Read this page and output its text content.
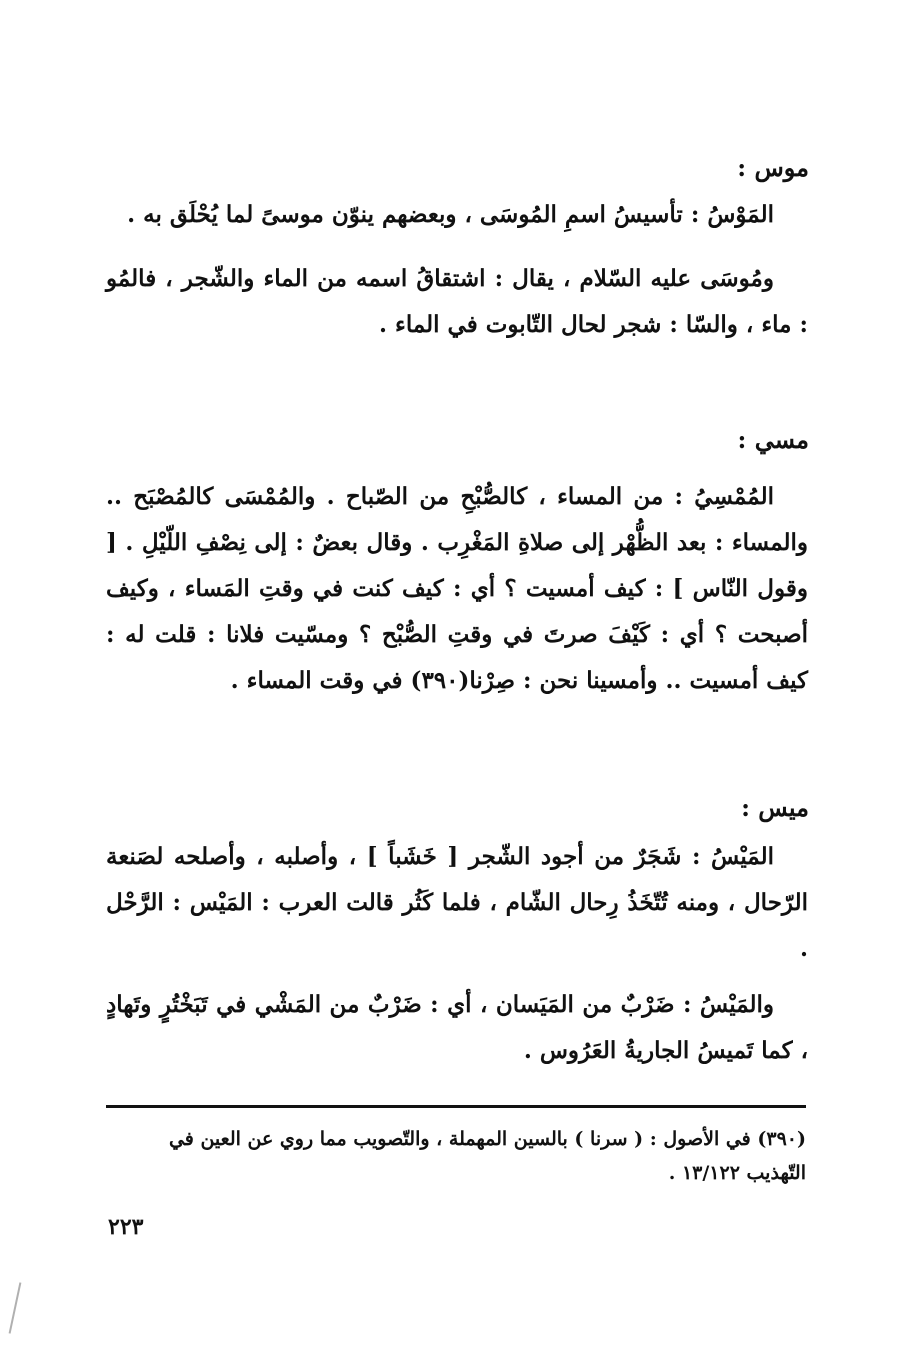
موس :

المَوْسُ : تأسيسُ اسمِ المُوسَى ، وبعضهم ينوّن موسىً لما يُحْلَق به .

ومُوسَى عليه السّلام ، يقال : اشتقاقُ اسمه من الماء والشّجر ، فالمُو : ماء ، والسّا : شجر لحال التّابوت في الماء .

مسي :

المُمْسِيُ : من المساء ، كالصُّبْحِ من الصّباح . والمُمْسَى كالمُصْبَح .. والمساء : بعد الظُّهْر إلى صلاةِ المَغْرِب . وقال بعضٌ : إلى نِصْفِ اللّيْلِ . [ وقول النّاس ] : كيف أمسيت ؟ أي : كيف كنت في وقتِ المَساء ، وكيف أصبحت ؟ أي : كَيْفَ صرتَ في وقتِ الصُّبْح ؟ ومسّيت فلانا : قلت له : كيف أمسيت .. وأمسينا نحن : صِرْنا(٣٩٠) في وقت المساء .

ميس :

المَيْسُ : شَجَرٌ من أجود الشّجر [ خَشَباً ] ، وأصلبه ، وأصلحه لصَنعة الرّحال ، ومنه تُتّخَذُ رِحال الشّام ، فلما كَثُر قالت العرب : المَيْس : الرَّحْل .

والمَيْسُ : ضَرْبٌ من المَيَسان ، أي : ضَرْبٌ من المَشْي في تَبَخْتُرٍ وتَهادٍ ، كما تَميسُ الجاريةُ العَرُوس .

(٣٩٠) في الأصول : ( سرنا ) بالسين المهملة ، والتّصويب مما روي عن العين في التّهذيب ١٣/١٢٢ .
٢٢٣
